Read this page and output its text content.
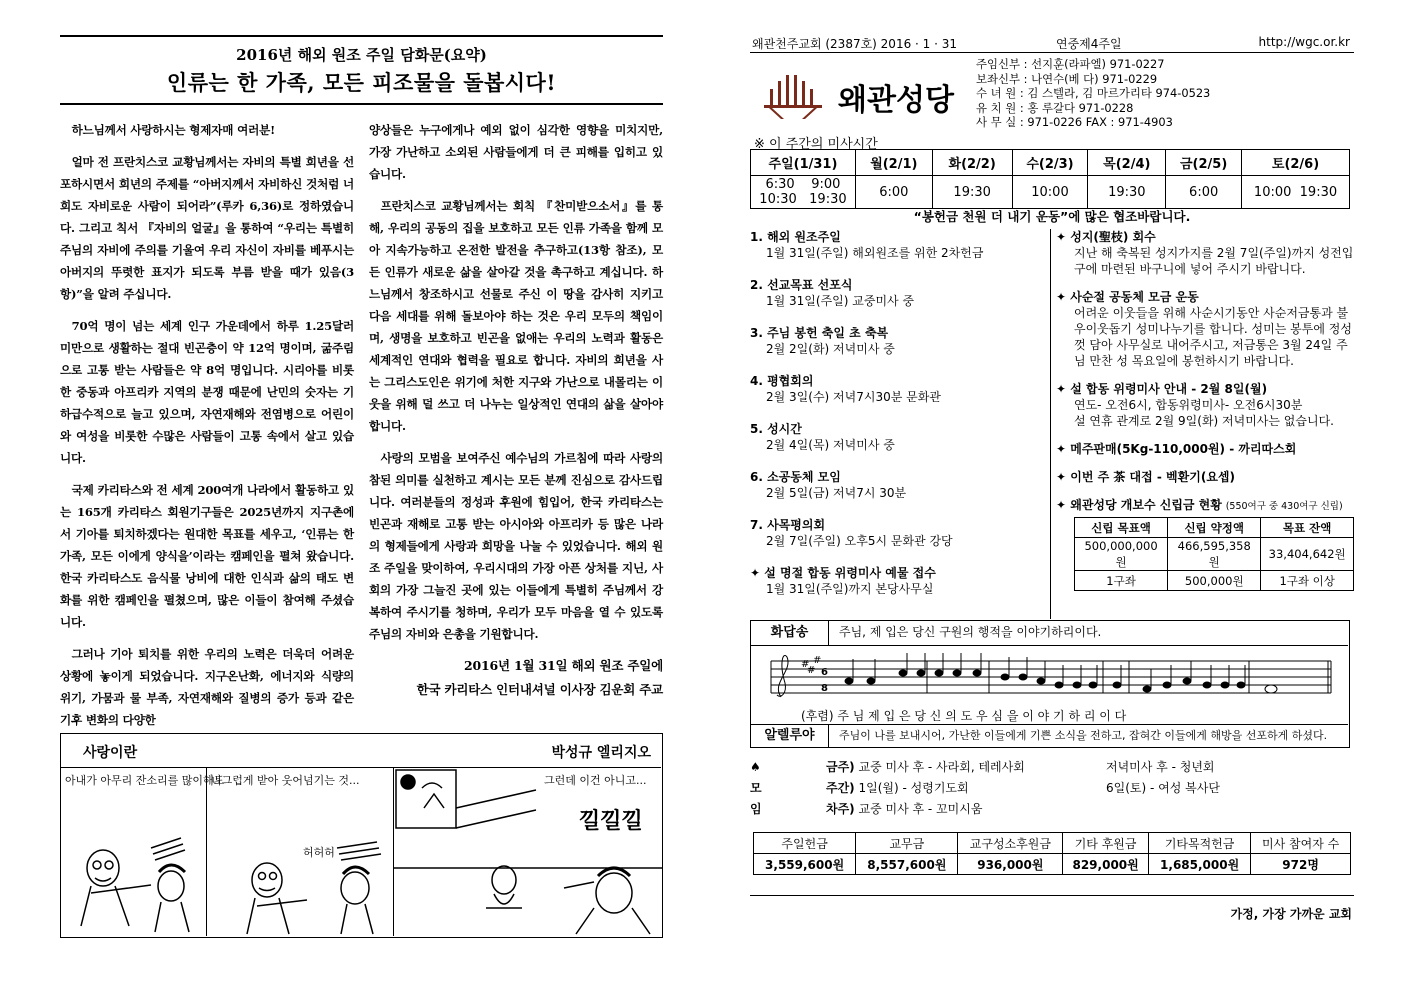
2016년 해외 원조 주일 담화문(요약)
인류는 한 가족, 모든 피조물을 돌봅시다!

하느님께서 사랑하시는 형제자매 여러분!

얼마 전 프란치스코 교황님께서는 자비의 특별 희년을 선포하시면서 희년의 주제를 “아버지께서 자비하신 것처럼 너희도 자비로운 사람이 되어라”(루카 6,36)로 정하였습니다. 그리고 칙서 『자비의 얼굴』을 통하여 “우리는 특별히 주님의 자비에 주의를 기울여 우리 자신이 자비를 베푸시는 아버지의 뚜렷한 표지가 되도록 부름 받을 때가 있음(3항)”을 알려 주십니다.

70억 명이 넘는 세계 인구 가운데에서 하루 1.25달러 미만으로 생활하는 절대 빈곤층이 약 12억 명이며, 굶주림으로 고통 받는 사람들은 약 8억 명입니다. 시리아를 비롯한 중동과 아프리카 지역의 분쟁 때문에 난민의 숫자는 기하급수적으로 늘고 있으며, 자연재해와 전염병으로 어린이와 여성을 비롯한 수많은 사람들이 고통 속에서 살고 있습니다.

국제 카리타스와 전 세계 200여개 나라에서 활동하고 있는 165개 카리타스 회원기구들은 2025년까지 지구촌에서 기아를 퇴치하겠다는 원대한 목표를 세우고, ‘인류는 한 가족, 모든 이에게 양식을’이라는 캠페인을 펼쳐 왔습니다. 한국 카리타스도 음식물 낭비에 대한 인식과 삶의 태도 변화를 위한 캠페인을 펼쳤으며, 많은 이들이 참여해 주셨습니다.

그러나 기아 퇴치를 위한 우리의 노력은 더욱더 어려운 상황에 놓이게 되었습니다. 지구온난화, 에너지와 식량의 위기, 가뭄과 물 부족, 자연재해와 질병의 증가 등과 같은 기후 변화의 다양한

양상들은 누구에게나 예외 없이 심각한 영향을 미치지만, 가장 가난하고 소외된 사람들에게 더 큰 피해를 입히고 있습니다.

프란치스코 교황님께서는 회칙 『찬미받으소서』를 통해, 우리의 공동의 집을 보호하고 모든 인류 가족을 함께 모아 지속가능하고 온전한 발전을 추구하고(13항 참조), 모든 인류가 새로운 삶을 살아갈 것을 촉구하고 계십니다. 하느님께서 창조하시고 선물로 주신 이 땅을 감사히 지키고 다음 세대를 위해 돌보아야 하는 것은 우리 모두의 책임이며, 생명을 보호하고 빈곤을 없애는 우리의 노력과 활동은 세계적인 연대와 협력을 필요로 합니다. 자비의 희년을 사는 그리스도인은 위기에 처한 지구와 가난으로 내몰리는 이웃을 위해 덜 쓰고 더 나누는 일상적인 연대의 삶을 살아야 합니다.

사랑의 모범을 보여주신 예수님의 가르침에 따라 사랑의 참된 의미를 실천하고 계시는 모든 분께 진심으로 감사드립니다. 여러분들의 정성과 후원에 힘입어, 한국 카리타스는 빈곤과 재해로 고통 받는 아시아와 아프리카 등 많은 나라의 형제들에게 사랑과 희망을 나눌 수 있었습니다. 해외 원조 주일을 맞이하여, 우리시대의 가장 아픈 상처를 지닌, 사회의 가장 그늘진 곳에 있는 이들에게 특별히 주님께서 강복하여 주시기를 청하며, 우리가 모두 마음을 열 수 있도록 주님의 자비와 은총을 기원합니다.

2016년 1월 31일 해외 원조 주일에
한국 카리타스 인터내셔널 이사장 김운회 주교
사랑이란	박성규 엘리지오
아내가 아무리 잔소리를 많이해도
너그럽게 받아 웃어넘기는 것...
허허허
그런데 이건 아니고...
낄낄낄
왜관천주교회 (2387호) 2016 · 1 · 31	연중제4주일	http://wgc.or.kr
왜관성당
주임신부 : 선지훈(라파엘) 971-0227
보좌신부 : 나연수(베 다) 971-0229
수 녀 원 : 김 스텔라, 김 마르가리타 974-0523
유 치 원 : 홍 루갈다 971-0228
사 무 실 : 971-0226 FAX : 971-4903
※ 이 주간의 미사시간
주일(1/31)	월(2/1)	화(2/2)	수(2/3)	목(2/4)	금(2/5)	토(2/6)

6:30    9:00
10:30   19:30	6:00	19:30	10:00	19:30	6:00	10:00  19:30
“봉헌금 천원 더 내기 운동”에 많은 협조바랍니다.
1. 해외 원조주일
1월 31일(주일) 해외원조를 위한 2차헌금
2. 선교목표 선포식
1월 31일(주일) 교중미사 중
3. 주님 봉헌 축일 초 축복
2월 2일(화) 저녁미사 중
4. 평협회의
2월 3일(수) 저녁7시30분 문화관
5. 성시간
2월 4일(목) 저녁미사 중
6. 소공동체 모임
2월 5일(금) 저녁7시 30분
7. 사목평의회
2월 7일(주일) 오후5시 문화관 강당
✦ 설 명절 합동 위령미사 예물 접수
1월 31일(주일)까지 본당사무실
✦ 성지(聖枝) 회수
지난 해 축복된 성지가지를 2월 7일(주일)까지 성전입구에 마련된 바구니에 넣어 주시기 바랍니다.
✦ 사순절 공동체 모금 운동
어려운 이웃들을 위해 사순시기동안 사순저금통과 불우이웃돕기 성미나누기를 합니다. 성미는 봉투에 정성껏 담아 사무실로 내어주시고, 저금통은 3월 24일 주님 만찬 성 목요일에 봉헌하시기 바랍니다.
✦ 설 합동 위령미사 안내 - 2월 8일(월)
연도- 오전6시, 합동위령미사- 오전6시30분
설 연휴 관계로 2월 9일(화) 저녁미사는 없습니다.
✦ 메주판매(5Kg-110,000원) - 까리따스회
✦ 이번 주 茶 대접 - 벡환기(요셉)
✦ 왜관성당 개보수 신립금 현황 (550여구 중 430여구 신립)
신립 목표액	신립 약정액	목표 잔액
500,000,000원	466,595,358원	33,404,642원
1구좌	500,000원	1구좌 이상
화답송	주님, 제 입은 당신 구원의 행적을 이야기하리이다.
#
#
#
6
8
(후렴) 주 님 제 입 은 당 신 의 도 우 심 을 이 야 기 하 리 이 다
알렐루야	주님이 나를 보내시어, 가난한 이들에게 기쁜 소식을 전하고, 잡혀간 이들에게 해방을 선포하게 하셨다.
♠ 모임
금주) 교중 미사 후 - 사라회, 테레사회	저녁미사 후 - 청년회
주간) 1일(월) - 성령기도회	6일(토) - 여성 복사단
차주) 교중 미사 후 - 꼬미시움
주일헌금	교무금	교구성소후원금	기타 후원금	기타목적헌금	미사 참여자 수
3,559,600원	8,557,600원	936,000원	829,000원	1,685,000원	972명
가정, 가장 가까운 교회
